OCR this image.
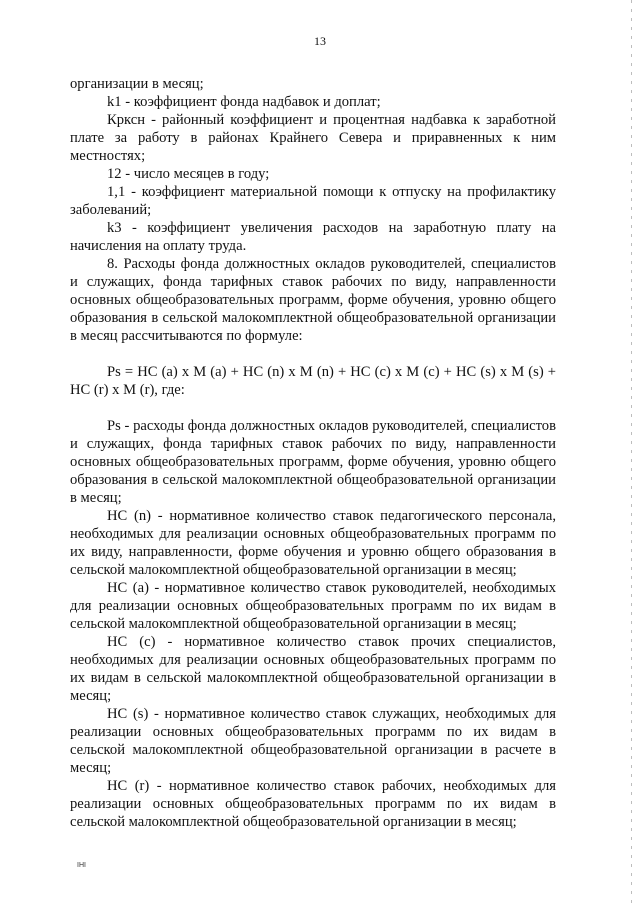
13

организации в месяц;

k1 - коэффициент фонда надбавок и доплат;

Крксн - районный коэффициент и процентная надбавка к заработной плате за работу в районах Крайнего Севера и приравненных к ним местностях;

12 - число месяцев в году;

1,1 - коэффициент материальной помощи к отпуску на профилактику заболеваний;

k3 - коэффициент увеличения расходов на заработную плату на начисления на оплату труда.

8. Расходы фонда должностных окладов руководителей, специалистов и служащих, фонда тарифных ставок рабочих по виду, направленности основных общеобразовательных программ, форме обучения, уровню общего образования в сельской малокомплектной общеобразовательной организации в месяц рассчитываются по формуле:

Ps = НС (a) x M (a) + НС (n) x M (n) + НС (c) x M (c) + НС (s) x M (s) + НС (r) x M (r), где:

Ps - расходы фонда должностных окладов руководителей, специалистов и служащих, фонда тарифных ставок рабочих по виду, направленности основных общеобразовательных программ, форме обучения, уровню общего образования в сельской малокомплектной общеобразовательной организации в месяц;

НС (n) - нормативное количество ставок педагогического персонала, необходимых для реализации основных общеобразовательных программ по их виду, направленности, форме обучения и уровню общего образования в сельской малокомплектной общеобразовательной организации в месяц;

НС (a) - нормативное количество ставок руководителей, необходимых для реализации основных общеобразовательных программ по их видам в сельской малокомплектной общеобразовательной организации в месяц;

НС (c) - нормативное количество ставок прочих специалистов, необходимых для реализации основных общеобразовательных программ по их видам в сельской малокомплектной общеобразовательной организации в месяц;

НС (s) - нормативное количество ставок служащих, необходимых для реализации основных общеобразовательных программ по их видам в сельской малокомплектной общеобразовательной организации в расчете в месяц;

НС (r) - нормативное количество ставок рабочих, необходимых для реализации основных общеобразовательных программ по их видам в сельской малокомплектной общеобразовательной организации в месяц;

IHI
